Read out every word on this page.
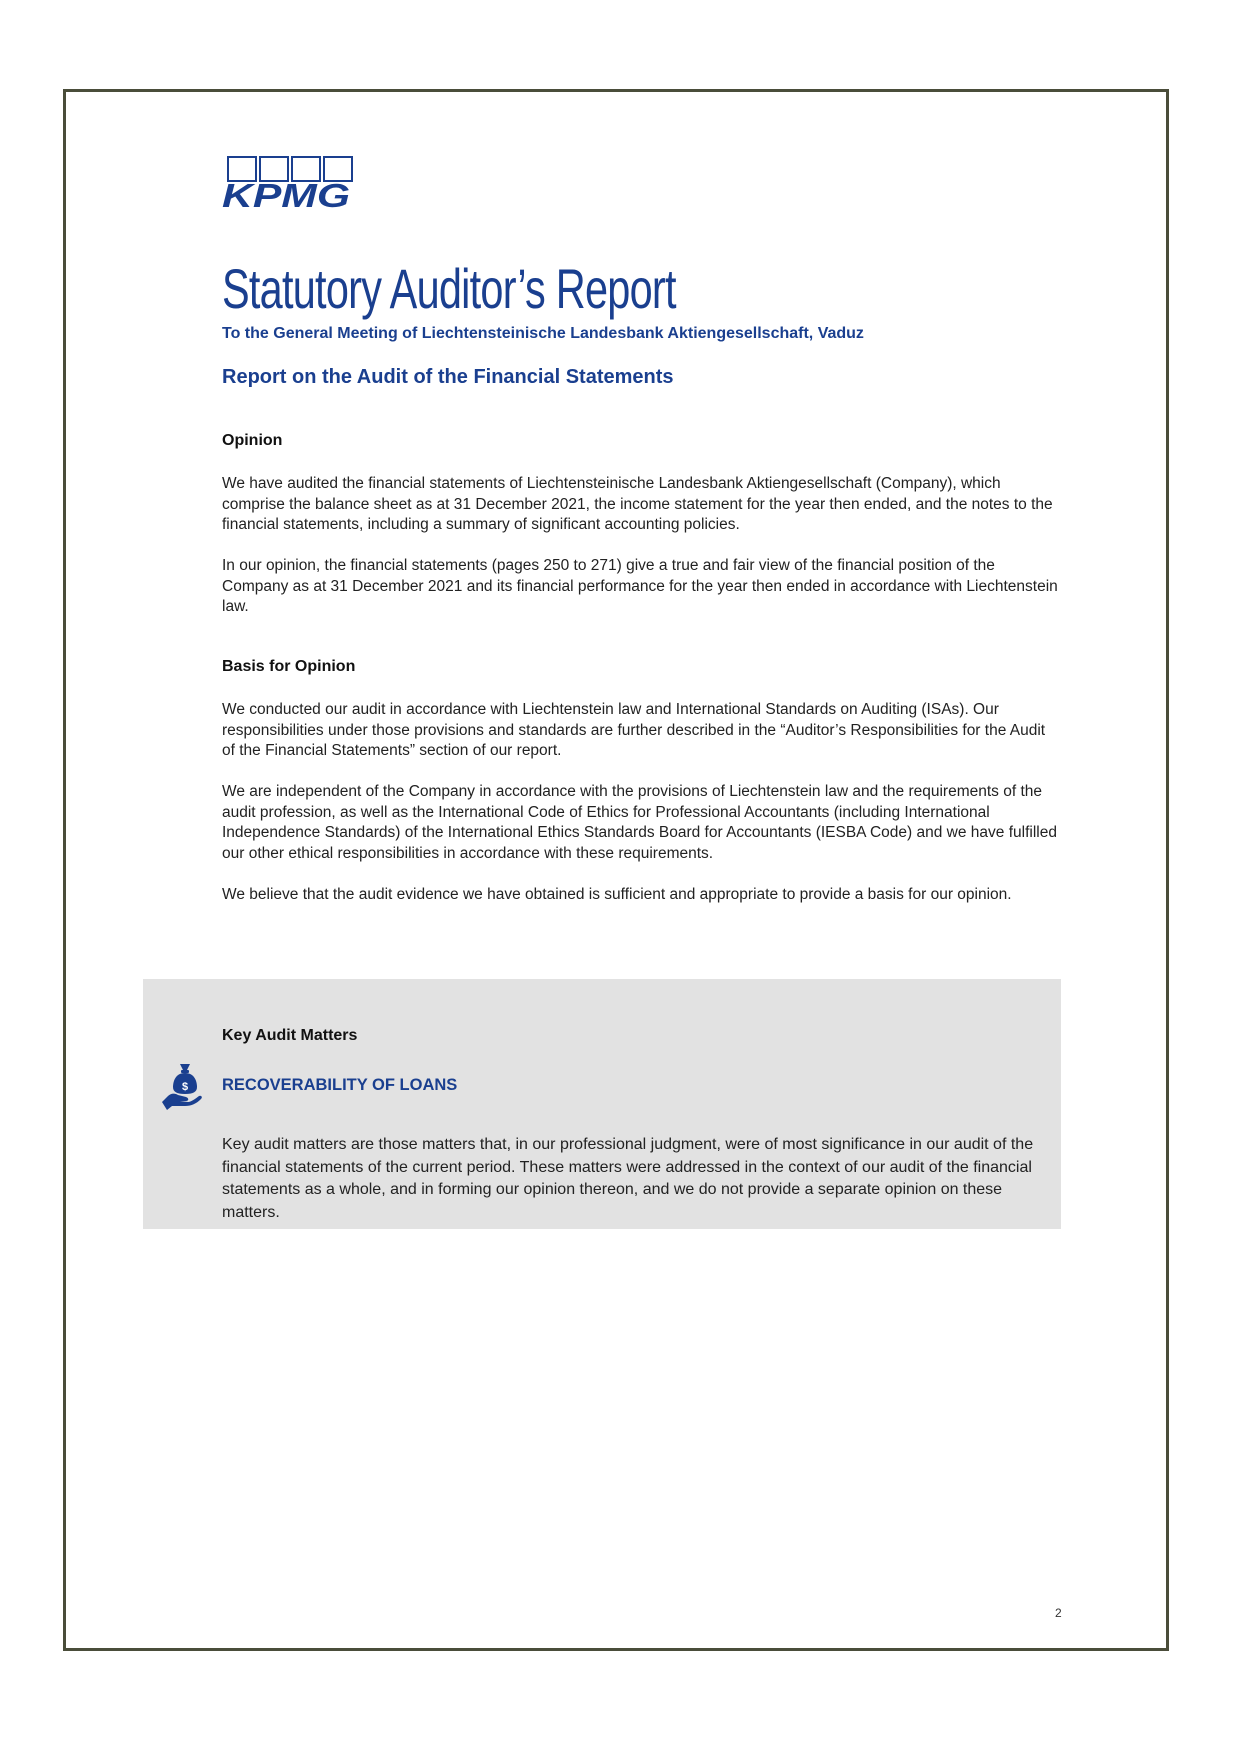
KPMG
Statutory Auditor’s Report
To the General Meeting of Liechtensteinische Landesbank Aktiengesellschaft, Vaduz
Report on the Audit of the Financial Statements
Opinion

We have audited the financial statements of Liechtensteinische Landesbank Aktiengesellschaft (Company), which comprise the balance sheet as at 31 December 2021, the income statement for the year then ended, and the notes to the financial statements, including a summary of significant accounting policies.

In our opinion, the financial statements (pages 250 to 271) give a true and fair view of the financial position of the Company as at 31 December 2021 and its financial performance for the year then ended in accordance with Liechtenstein law.

Basis for Opinion

We conducted our audit in accordance with Liechtenstein law and International Standards on Auditing (ISAs). Our responsibilities under those provisions and standards are further described in the “Auditor’s Responsibilities for the Audit of the Financial Statements” section of our report.

We are independent of the Company in accordance with the provisions of Liechtenstein law and the requirements of the audit profession, as well as the International Code of Ethics for Professional Accountants (including International Independence Standards) of the International Ethics Standards Board for Accountants (IESBA Code) and we have fulfilled our other ethical responsibilities in accordance with these requirements.

We believe that the audit evidence we have obtained is sufficient and appropriate to provide a basis for our opinion.

Key Audit Matters
$ RECOVERABILITY OF LOANS

Key audit matters are those matters that, in our professional judgment, were of most significance in our audit of the financial statements of the current period. These matters were addressed in the context of our audit of the financial statements as a whole, and in forming our opinion thereon, and we do not provide a separate opinion on these matters.

2
